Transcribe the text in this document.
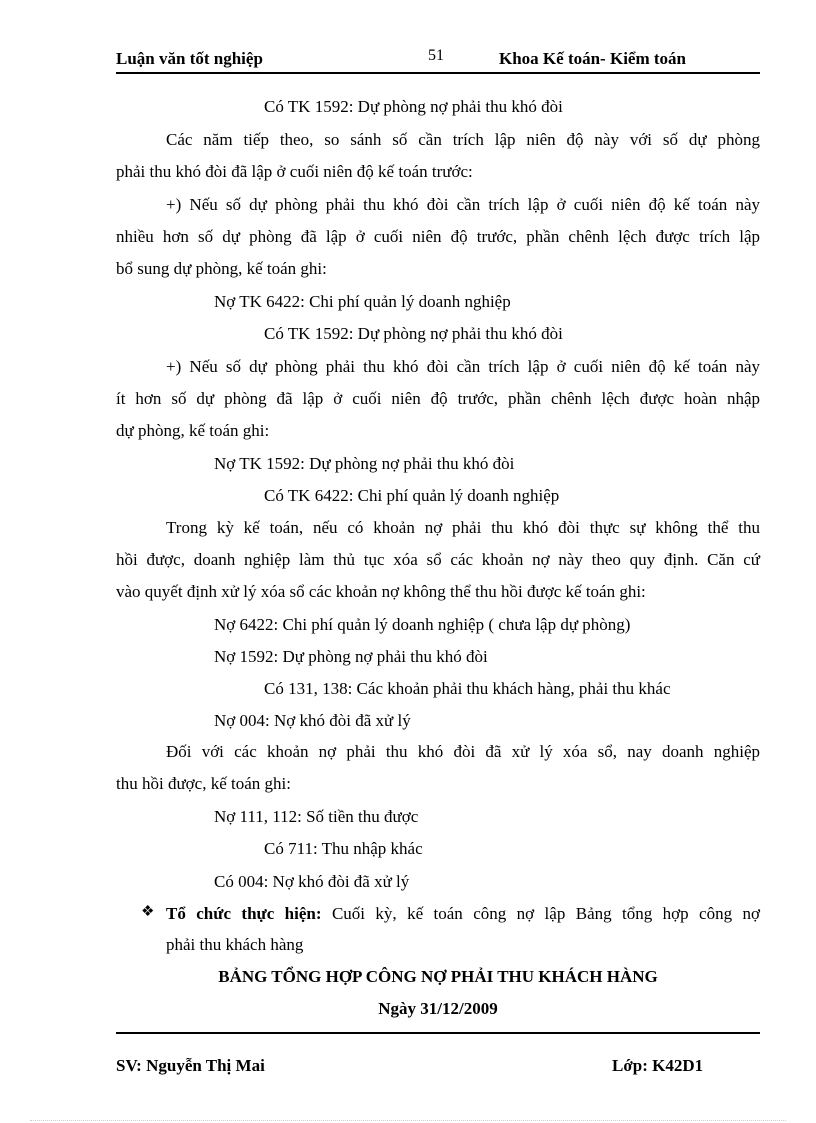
Luận văn tốt nghiệp	51	Khoa Kế toán- Kiểm toán
Có TK 1592: Dự phòng nợ phải thu khó đòi
Các năm tiếp theo, so sánh số cần trích lập niên độ này với số dự phòng
phải thu khó đòi đã lập ở cuối niên độ kế toán trước:
+) Nếu số dự phòng phải thu khó đòi cần trích lập ở cuối niên độ kế toán này
nhiều hơn số dự phòng đã lập ở cuối niên độ trước, phần chênh lệch được trích lập
bổ sung dự phòng, kế toán ghi:
Nợ TK 6422: Chi phí quản lý doanh nghiệp
Có TK 1592: Dự phòng nợ phải thu khó đòi
+) Nếu số dự phòng phải thu khó đòi cần trích lập ở cuối niên độ kế toán này
ít hơn số dự phòng đã lập ở cuối niên độ trước, phần chênh lệch được hoàn nhập
dự phòng, kế toán ghi:
Nợ TK 1592: Dự phòng nợ phải thu khó đòi
Có TK 6422: Chi phí quản lý doanh nghiệp
Trong kỳ kế toán, nếu có khoản nợ phải thu khó đòi thực sự không thể thu
hồi được, doanh nghiệp làm thủ tục xóa sổ các khoản nợ này theo quy định. Căn cứ
vào quyết định xử lý xóa sổ các khoản nợ không thể thu hồi được kế toán ghi:
Nợ 6422: Chi phí quản lý doanh nghiệp ( chưa lập dự phòng)
Nợ 1592: Dự phòng nợ phải thu khó đòi
Có 131, 138: Các khoản phải thu khách hàng, phải thu khác
Nợ 004: Nợ khó đòi đã xử lý
Đối với các khoản nợ phải thu khó đòi đã xử lý xóa sổ, nay doanh nghiệp
thu hồi được, kế toán ghi:
Nợ 111, 112: Số tiền thu được
Có 711: Thu nhập khác
Có 004: Nợ khó đòi đã xử lý
❖ Tổ chức thực hiện: Cuối kỳ, kế toán công nợ lập Bảng tổng hợp công nợ
phải thu khách hàng
BẢNG TỔNG HỢP CÔNG NỢ PHẢI THU KHÁCH HÀNG
Ngày 31/12/2009
SV: Nguyễn Thị Mai	Lớp: K42D1
